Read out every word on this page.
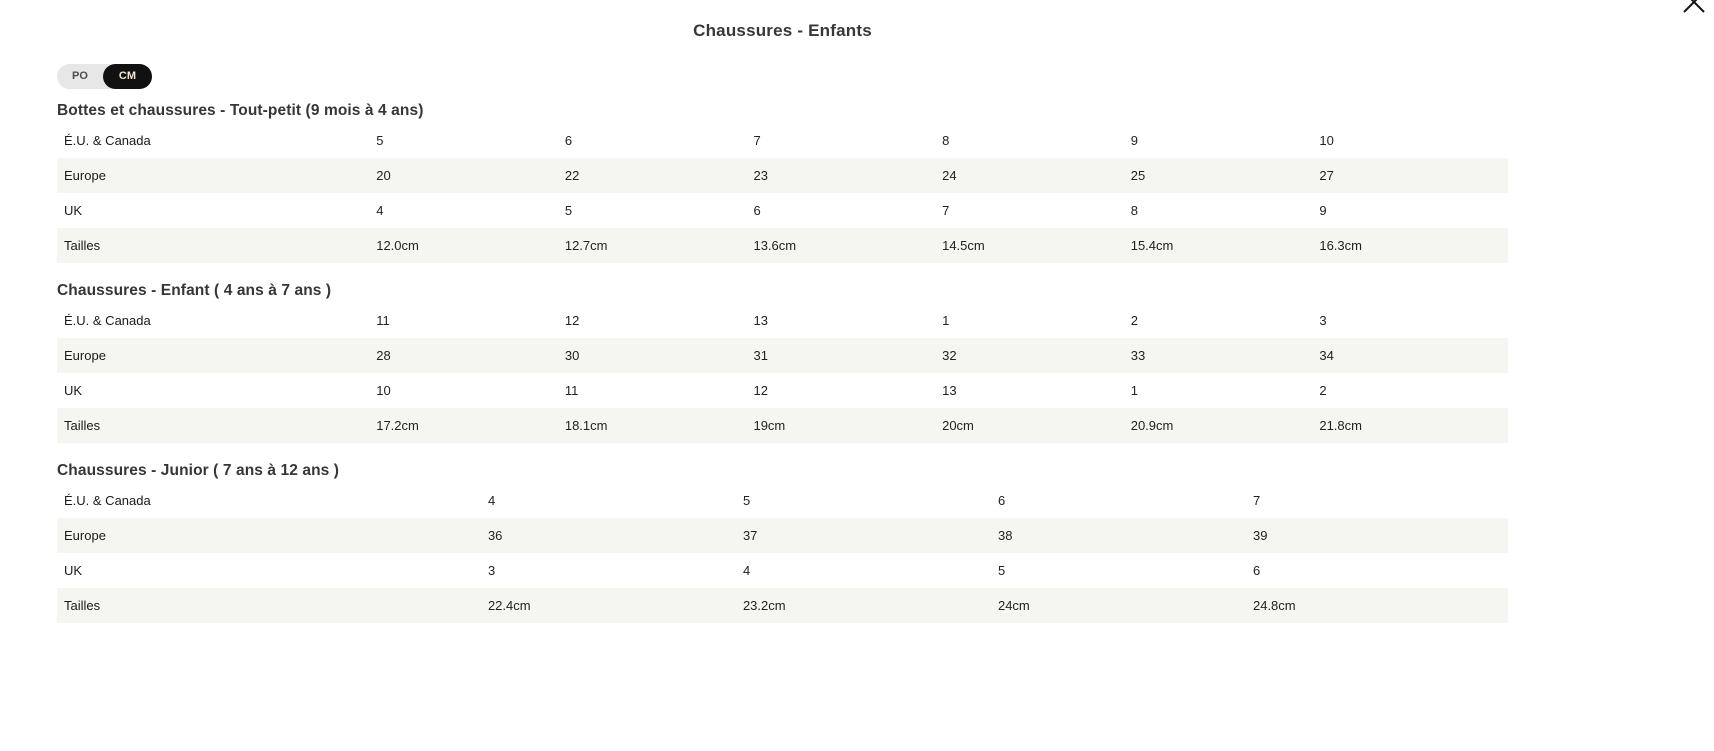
Chaussures - Enfants
PO	CM
Bottes et chaussures - Tout-petit (9 mois à 4 ans)
É.U. & Canada	5	6	7	8	9	10
Europe	20	22	23	24	25	27
UK	4	5	6	7	8	9
Tailles	12.0cm	12.7cm	13.6cm	14.5cm	15.4cm	16.3cm
Chaussures - Enfant ( 4 ans à 7 ans )
É.U. & Canada	11	12	13	1	2	3
Europe	28	30	31	32	33	34
UK	10	11	12	13	1	2
Tailles	17.2cm	18.1cm	19cm	20cm	20.9cm	21.8cm
Chaussures - Junior ( 7 ans à 12 ans )
É.U. & Canada	4	5	6	7
Europe	36	37	38	39
UK	3	4	5	6
Tailles	22.4cm	23.2cm	24cm	24.8cm
